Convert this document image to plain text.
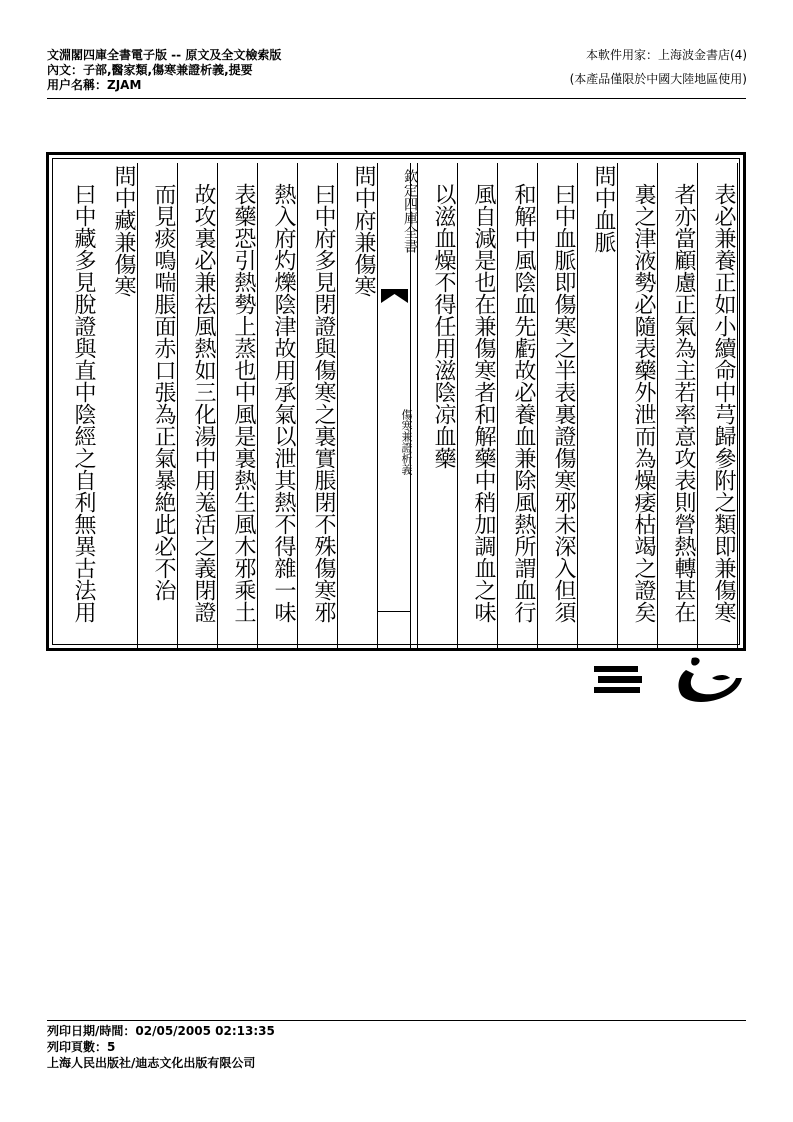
文淵閣四庫全書電子版 -- 原文及全文檢索版
內文：子部,醫家類,傷寒兼證析義,提要
用户名稱：ZJAM
本軟件用家：上海波金書店(4)
(本產品僅限於中國大陸地區使用)
表必兼養正如小續命中芎歸參附之類即兼傷寒
者亦當顧慮正氣為主若率意攻表則營熱轉甚在
裏之津液勢必隨表藥外泄而為燥痿枯竭之證矣
問中血脈
曰中血脈即傷寒之半表裏證傷寒邪未深入但須
和解中風陰血先虧故必養血兼除風熱所謂血行
風自減是也在兼傷寒者和解藥中稍加調血之味
以滋血燥不得任用滋陰凉血藥
欽定四庫全書
傷寒兼證析義
問中府兼傷寒
曰中府多見閉證與傷寒之裏實脹閉不殊傷寒邪
熱入府灼爍陰津故用承氣以泄其熱不得雜一味
表藥恐引熱勢上蒸也中風是裏熱生風木邪乘土
故攻裏必兼祛風熱如三化湯中用羗活之義閉證
而見痰鳴喘脹面赤口張為正氣暴絶此必不治
問中藏兼傷寒
曰中藏多見脫證與直中陰經之自利無異古法用
列印日期/時間：02/05/2005 02:13:35
列印頁數：5
上海人民出版社/迪志文化出版有限公司
